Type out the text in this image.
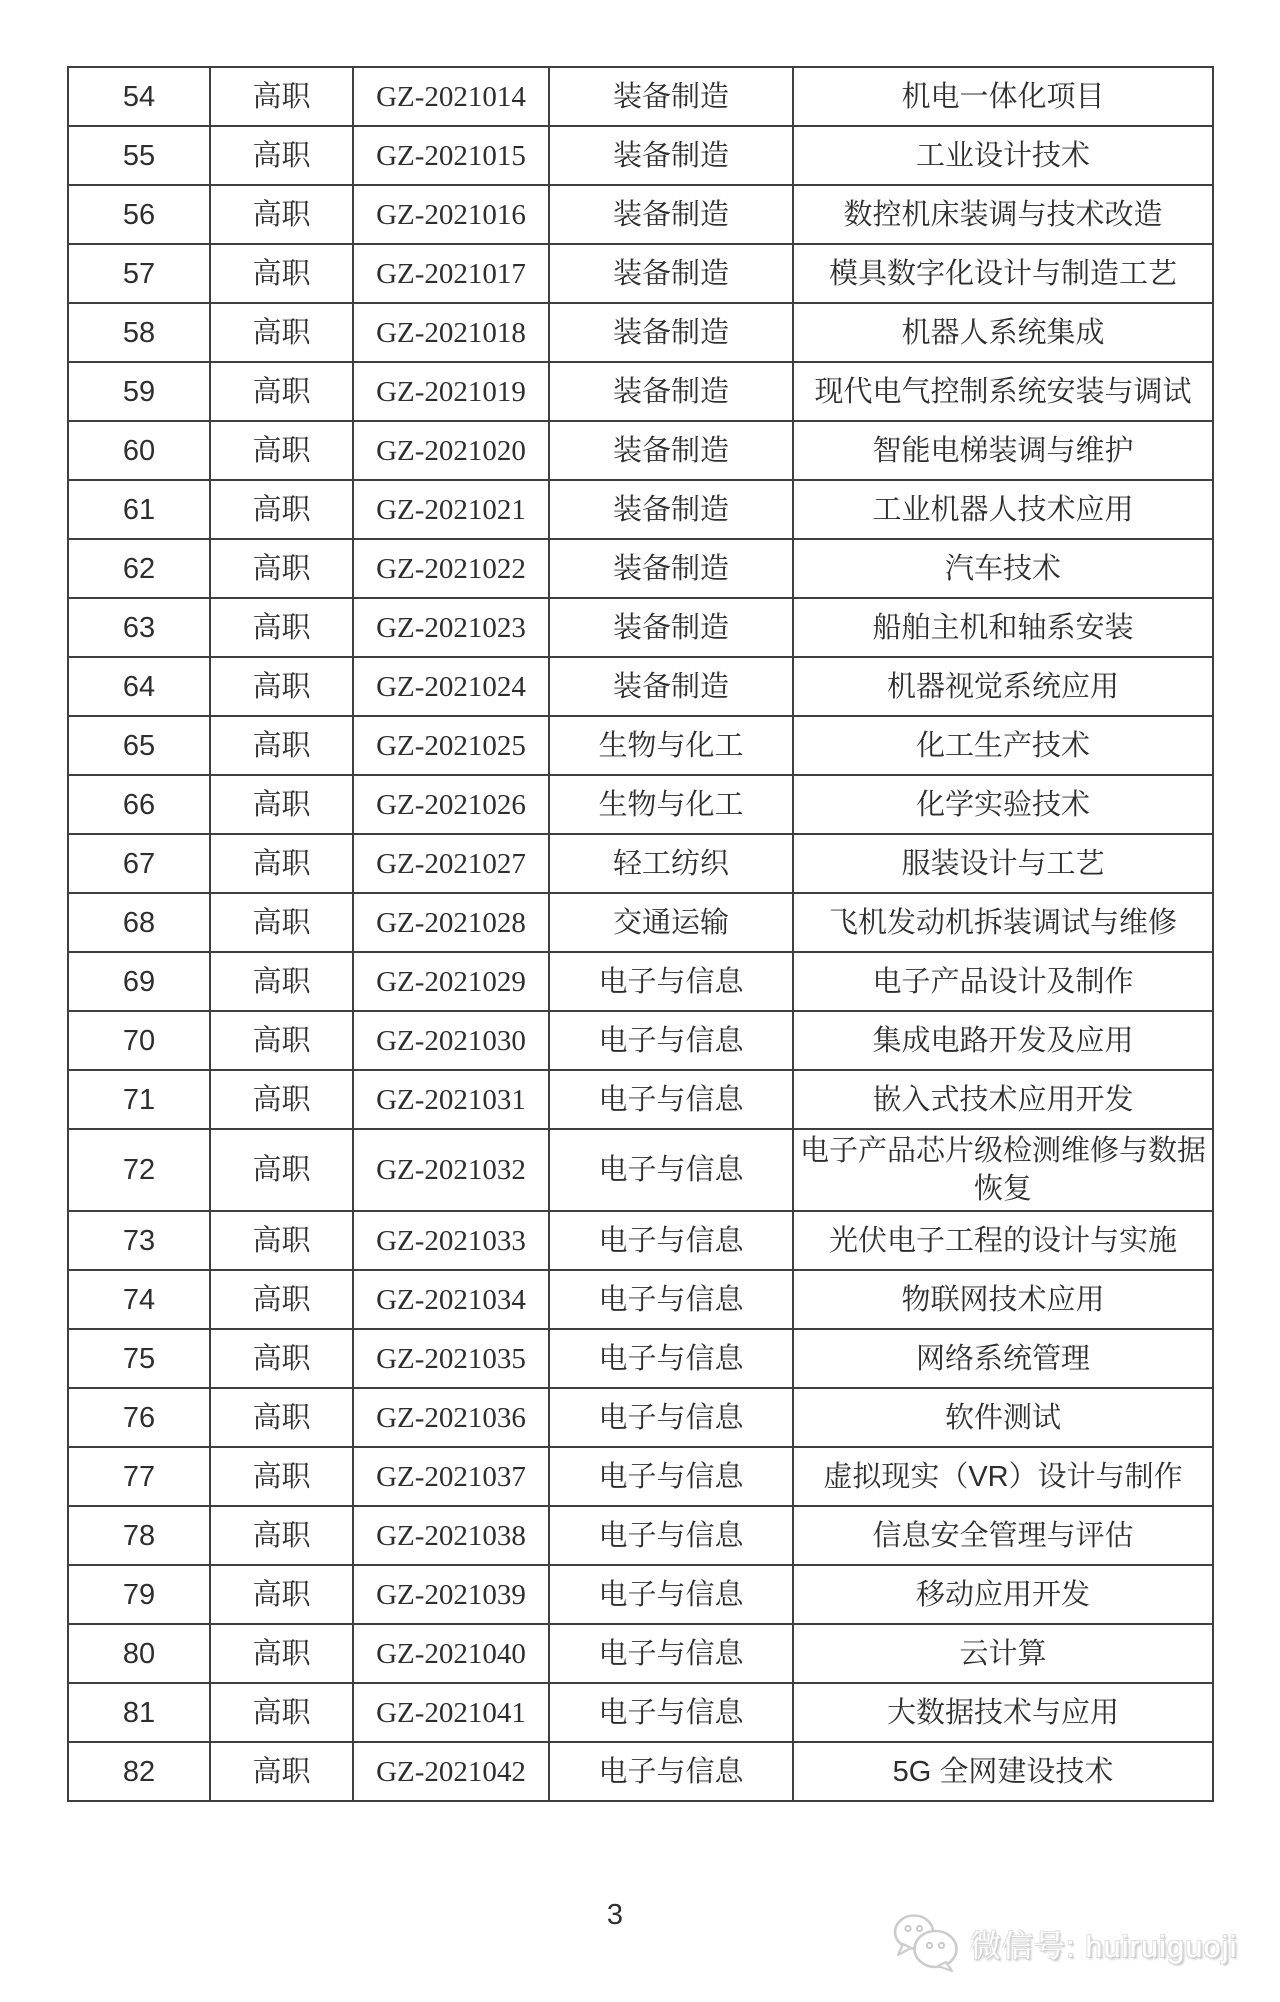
54	高职	GZ-2021014	装备制造	机电一体化项目
55	高职	GZ-2021015	装备制造	工业设计技术
56	高职	GZ-2021016	装备制造	数控机床装调与技术改造
57	高职	GZ-2021017	装备制造	模具数字化设计与制造工艺
58	高职	GZ-2021018	装备制造	机器人系统集成
59	高职	GZ-2021019	装备制造	现代电气控制系统安装与调试
60	高职	GZ-2021020	装备制造	智能电梯装调与维护
61	高职	GZ-2021021	装备制造	工业机器人技术应用
62	高职	GZ-2021022	装备制造	汽车技术
63	高职	GZ-2021023	装备制造	船舶主机和轴系安装
64	高职	GZ-2021024	装备制造	机器视觉系统应用
65	高职	GZ-2021025	生物与化工	化工生产技术
66	高职	GZ-2021026	生物与化工	化学实验技术
67	高职	GZ-2021027	轻工纺织	服装设计与工艺
68	高职	GZ-2021028	交通运输	飞机发动机拆装调试与维修
69	高职	GZ-2021029	电子与信息	电子产品设计及制作
70	高职	GZ-2021030	电子与信息	集成电路开发及应用
71	高职	GZ-2021031	电子与信息	嵌入式技术应用开发
72	高职	GZ-2021032	电子与信息	电子产品芯片级检测维修与数据恢复
73	高职	GZ-2021033	电子与信息	光伏电子工程的设计与实施
74	高职	GZ-2021034	电子与信息	物联网技术应用
75	高职	GZ-2021035	电子与信息	网络系统管理
76	高职	GZ-2021036	电子与信息	软件测试
77	高职	GZ-2021037	电子与信息	虚拟现实（VR）设计与制作
78	高职	GZ-2021038	电子与信息	信息安全管理与评估
79	高职	GZ-2021039	电子与信息	移动应用开发
80	高职	GZ-2021040	电子与信息	云计算
81	高职	GZ-2021041	电子与信息	大数据技术与应用
82	高职	GZ-2021042	电子与信息	5G 全网建设技术
3
微信号: huiruiguoji
